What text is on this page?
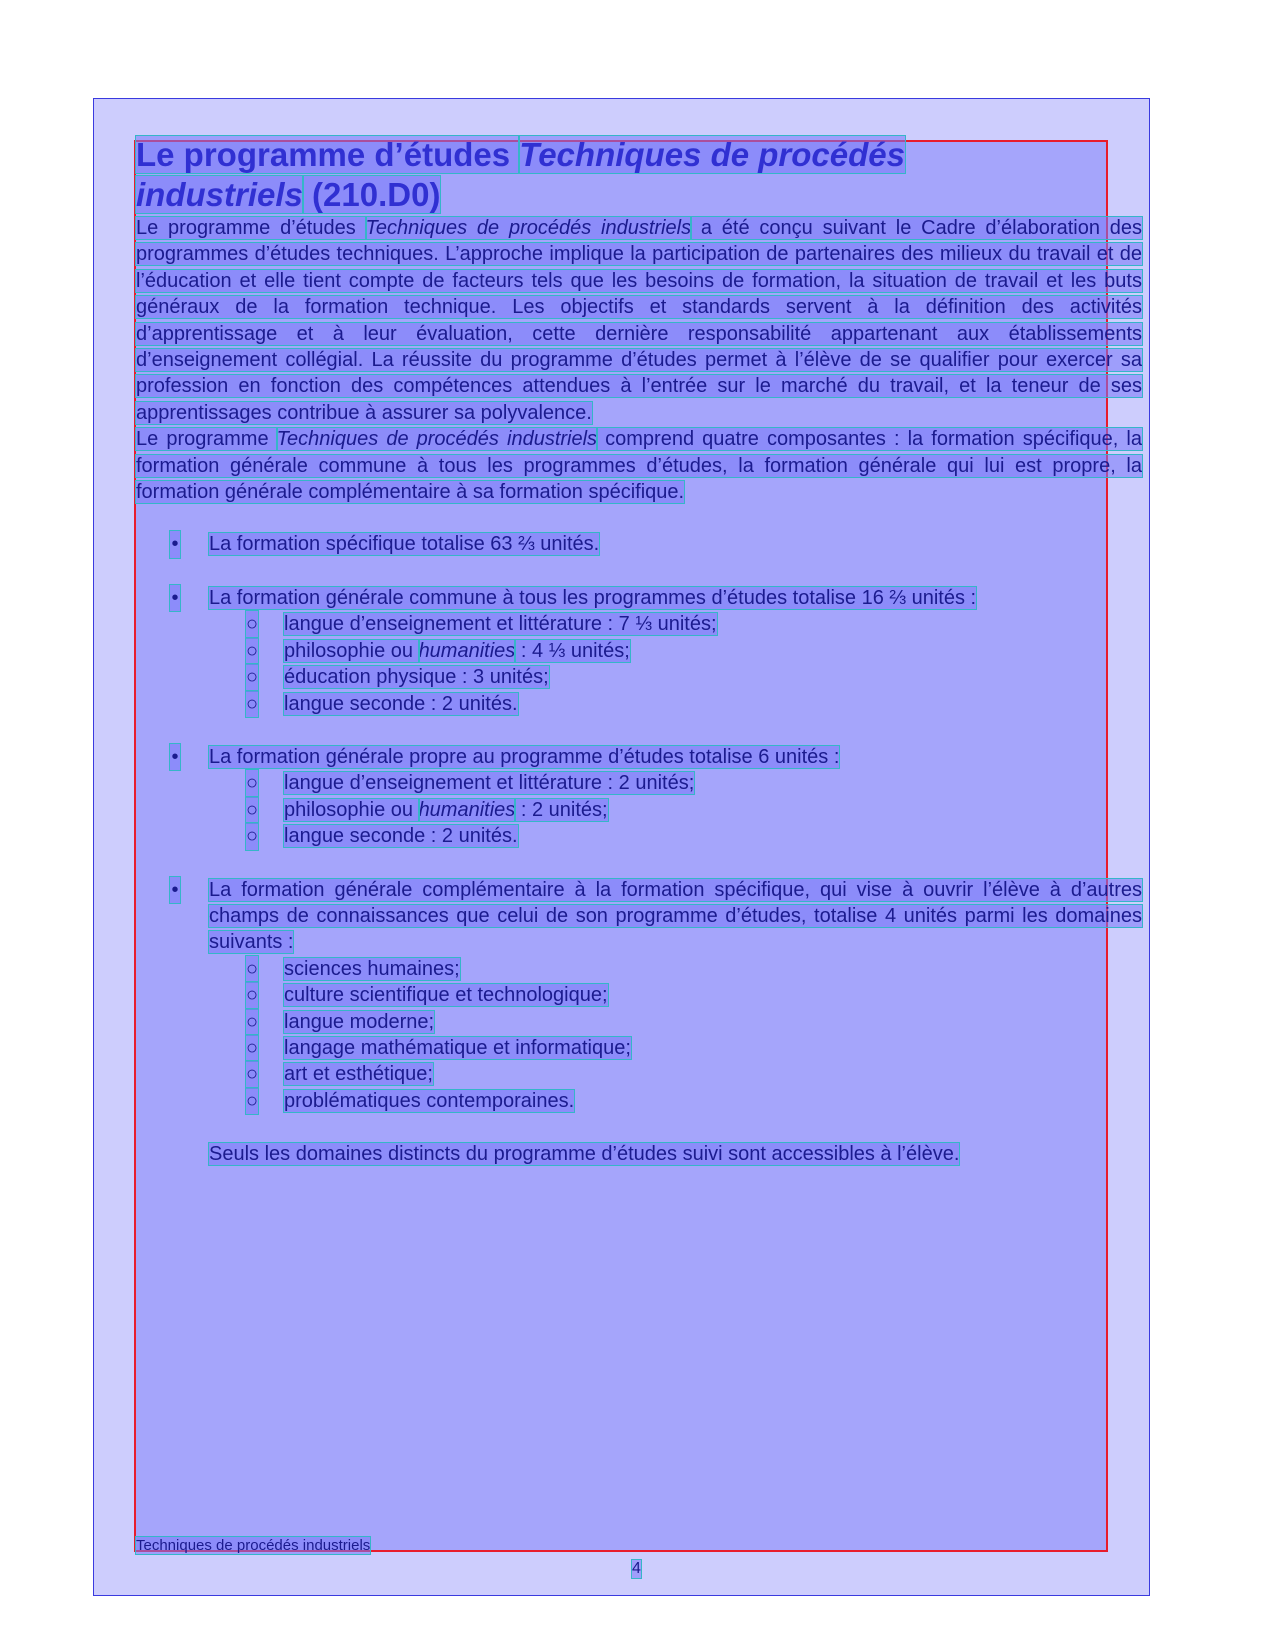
Le programme d’études Techniques de procédés industriels (210.D0)

Le programme d’études Techniques de procédés industriels a été conçu suivant le Cadre d’élaboration des programmes d’études techniques. L’approche implique la participation de partenaires des milieux du travail et de l’éducation et elle tient compte de facteurs tels que les besoins de formation, la situation de travail et les buts généraux de la formation technique. Les objectifs et standards servent à la définition des activités d’apprentissage et à leur évaluation, cette dernière responsabilité appartenant aux établissements d’enseignement collégial. La réussite du programme d’études permet à l’élève de se qualifier pour exercer sa profession en fonction des compétences attendues à l’entrée sur le marché du travail, et la teneur de ses apprentissages contribue à assurer sa polyvalence.

Le programme Techniques de procédés industriels comprend quatre composantes : la formation spécifique, la formation générale commune à tous les programmes d’études, la formation générale qui lui est propre, la formation générale complémentaire à sa formation spécifique.

• La formation spécifique totalise 63 ⅔ unités.
• La formation générale commune à tous les programmes d’études totalise 16 ⅔ unités :
○ langue d’enseignement et littérature : 7 ⅓ unités;
○ philosophie ou humanities : 4 ⅓ unités;
○ éducation physique : 3 unités;
○ langue seconde : 2 unités.
• La formation générale propre au programme d’études totalise 6 unités :
○ langue d’enseignement et littérature : 2 unités;
○ philosophie ou humanities : 2 unités;
○ langue seconde : 2 unités.
• La formation générale complémentaire à la formation spécifique, qui vise à ouvrir l’élève à d’autres champs de connaissances que celui de son programme d’études, totalise 4 unités parmi les domaines suivants :
○ sciences humaines;
○ culture scientifique et technologique;
○ langue moderne;
○ langage mathématique et informatique;
○ art et esthétique;
○ problématiques contemporaines.

Seuls les domaines distincts du programme d’études suivi sont accessibles à l’élève.

Techniques de procédés industriels
4
